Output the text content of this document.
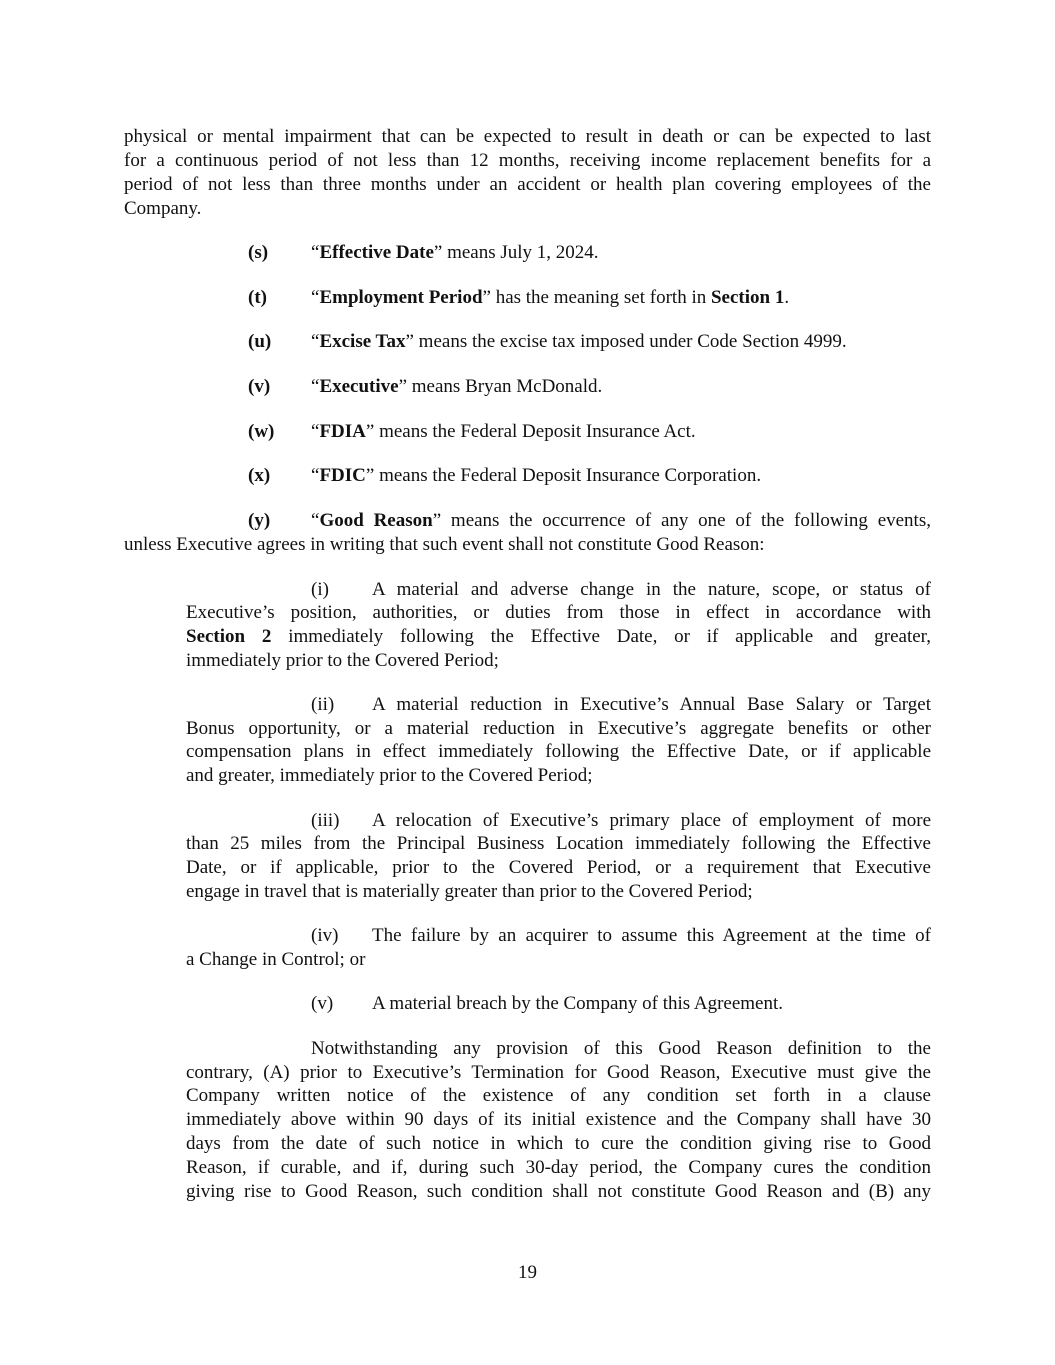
physical or mental impairment that can be expected to result in death or can be expected to last
for a continuous period of not less than 12 months, receiving income replacement benefits for a
period of not less than three months under an accident or health plan covering employees of the
Company.
(s) “Effective Date” means July 1, 2024.
(t) “Employment Period” has the meaning set forth in Section 1.
(u) “Excise Tax” means the excise tax imposed under Code Section 4999.
(v) “Executive” means Bryan McDonald.
(w) “FDIA” means the Federal Deposit Insurance Act.
(x) “FDIC” means the Federal Deposit Insurance Corporation.
(y) “Good Reason” means the occurrence of any one of the following events,
unless Executive agrees in writing that such event shall not constitute Good Reason:
(i) A material and adverse change in the nature, scope, or status of
Executive’s position, authorities, or duties from those in effect in accordance with
Section 2 immediately following the Effective Date, or if applicable and greater,
immediately prior to the Covered Period;
(ii) A material reduction in Executive’s Annual Base Salary or Target
Bonus opportunity, or a material reduction in Executive’s aggregate benefits or other
compensation plans in effect immediately following the Effective Date, or if applicable
and greater, immediately prior to the Covered Period;
(iii) A relocation of Executive’s primary place of employment of more
than 25 miles from the Principal Business Location immediately following the Effective
Date, or if applicable, prior to the Covered Period, or a requirement that Executive
engage in travel that is materially greater than prior to the Covered Period;
(iv) The failure by an acquirer to assume this Agreement at the time of
a Change in Control; or
(v) A material breach by the Company of this Agreement.
Notwithstanding any provision of this Good Reason definition to the
contrary, (A) prior to Executive’s Termination for Good Reason, Executive must give the
Company written notice of the existence of any condition set forth in a clause
immediately above within 90 days of its initial existence and the Company shall have 30
days from the date of such notice in which to cure the condition giving rise to Good
Reason, if curable, and if, during such 30-day period, the Company cures the condition
giving rise to Good Reason, such condition shall not constitute Good Reason and (B) any
19
